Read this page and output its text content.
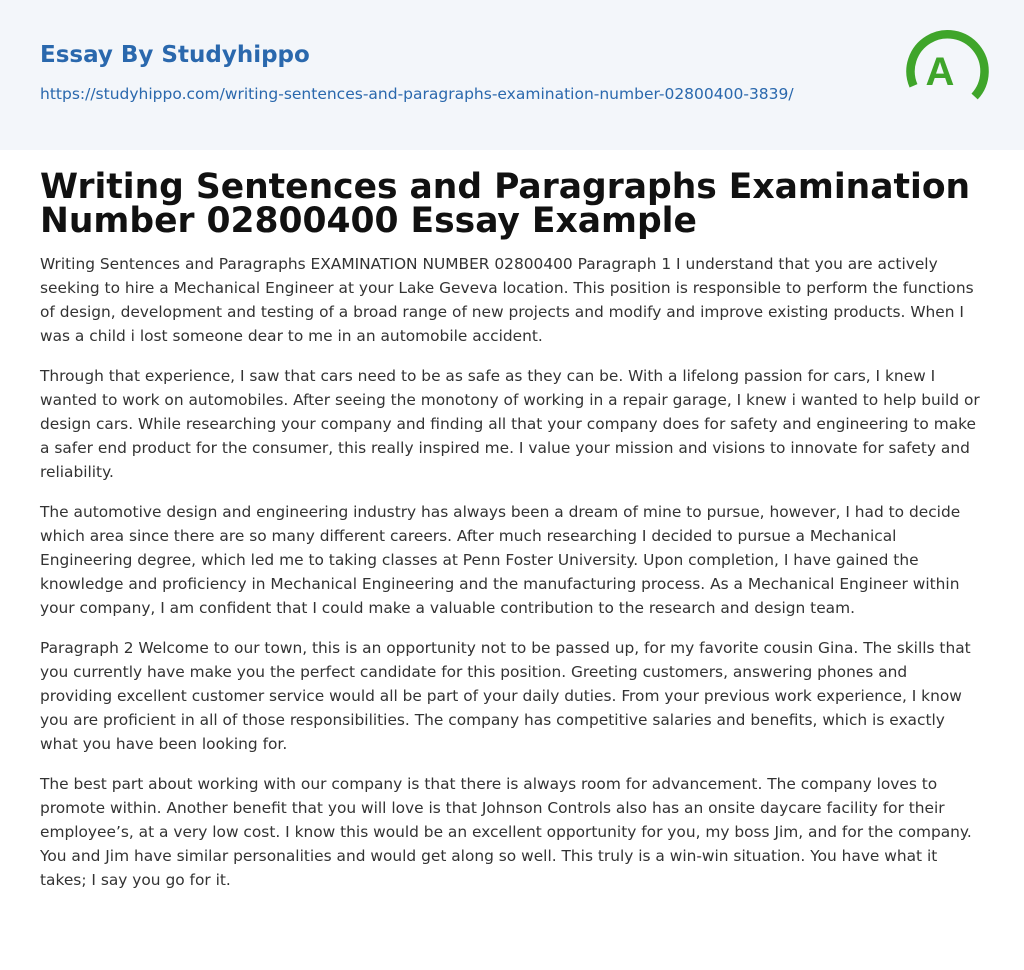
Essay By Studyhippo
https://studyhippo.com/writing-sentences-and-paragraphs-examination-number-02800400-3839/	A
Writing Sentences and Paragraphs Examination Number 02800400 Essay Example

Writing Sentences and Paragraphs EXAMINATION NUMBER 02800400 Paragraph 1 I understand that you are actively seeking to hire a Mechanical Engineer at your Lake Geveva location. This position is responsible to perform the functions of design, development and testing of a broad range of new projects and modify and improve existing products. When I was a child i lost someone dear to me in an automobile accident.

Through that experience, I saw that cars need to be as safe as they can be. With a lifelong passion for cars, I knew I wanted to work on automobiles. After seeing the monotony of working in a repair garage, I knew i wanted to help build or design cars. While researching your company and finding all that your company does for safety and engineering to make a safer end product for the consumer, this really inspired me. I value your mission and visions to innovate for safety and reliability.

The automotive design and engineering industry has always been a dream of mine to pursue, however, I had to decide which area since there are so many different careers. After much researching I decided to pursue a Mechanical Engineering degree, which led me to taking classes at Penn Foster University. Upon completion, I have gained the knowledge and proficiency in Mechanical Engineering and the manufacturing process. As a Mechanical Engineer within your company, I am confident that I could make a valuable contribution to the research and design team.

Paragraph 2 Welcome to our town, this is an opportunity not to be passed up, for my favorite cousin Gina. The skills that you currently have make you the perfect candidate for this position. Greeting customers, answering phones and providing excellent customer service would all be part of your daily duties. From your previous work experience, I know you are proficient in all of those responsibilities. The company has competitive salaries and benefits, which is exactly what you have been looking for.

The best part about working with our company is that there is always room for advancement. The company loves to promote within. Another benefit that you will love is that Johnson Controls also has an onsite daycare facility for their employee’s, at a very low cost. I know this would be an excellent opportunity for you, my boss Jim, and for the company. You and Jim have similar personalities and would get along so well. This truly is a win-win situation. You have what it takes; I say you go for it.
